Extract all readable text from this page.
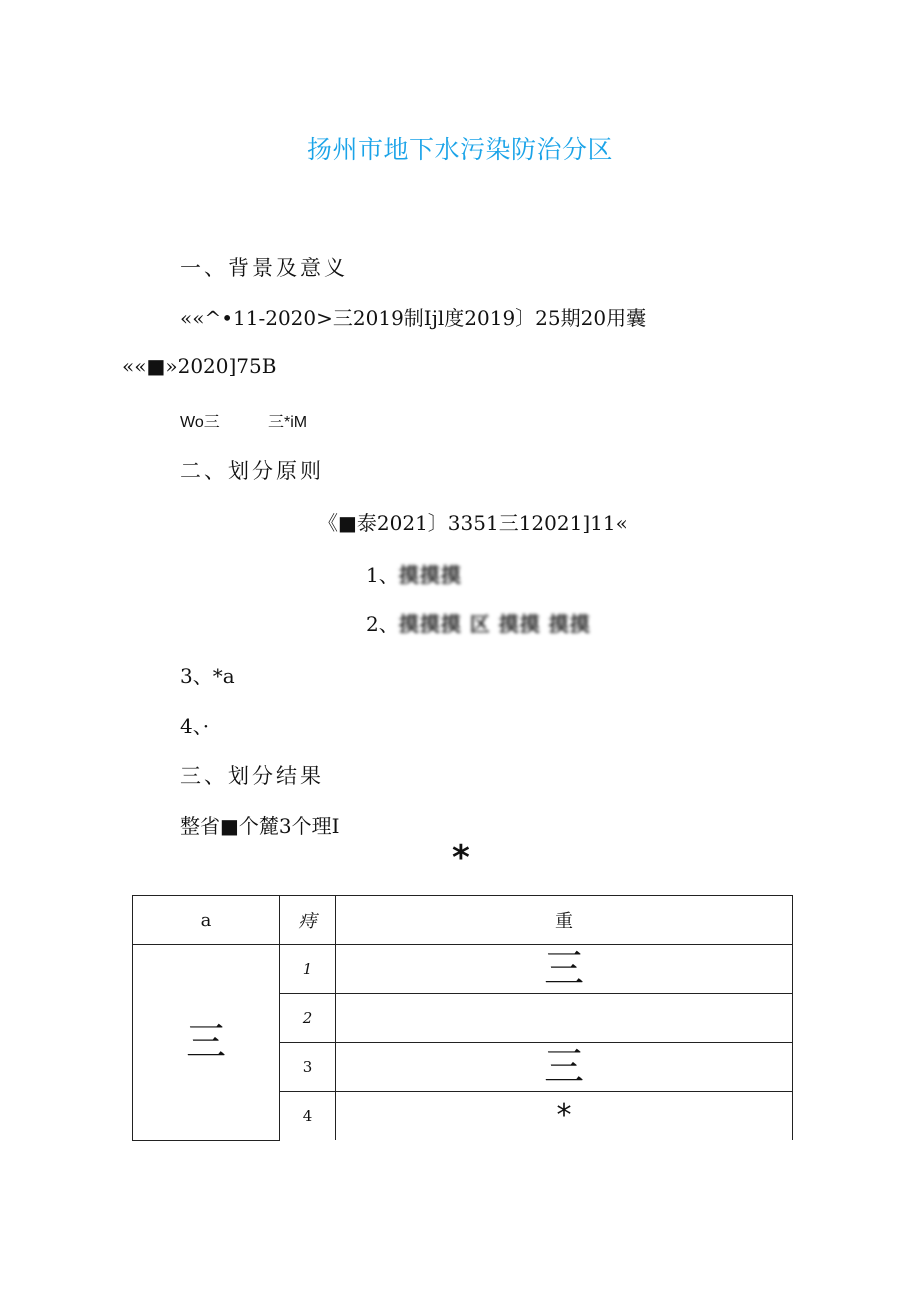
扬州市地下水污染防治分区
一、背景及意义
««^•11-2020>三2019制Ijl度2019〕25期20用囊
««■»2020]75B
Wo三	三*iM
二、划分原则
《■泰2021〕3351三12021]11«
1、摸摸摸
2、摸摸摸 区 摸摸 摸摸
3、*a
4、·
三、划分结果
整省■个麓3个理I
*
a	痔	重
三	1	三
	2	
	3	三
	4	*
